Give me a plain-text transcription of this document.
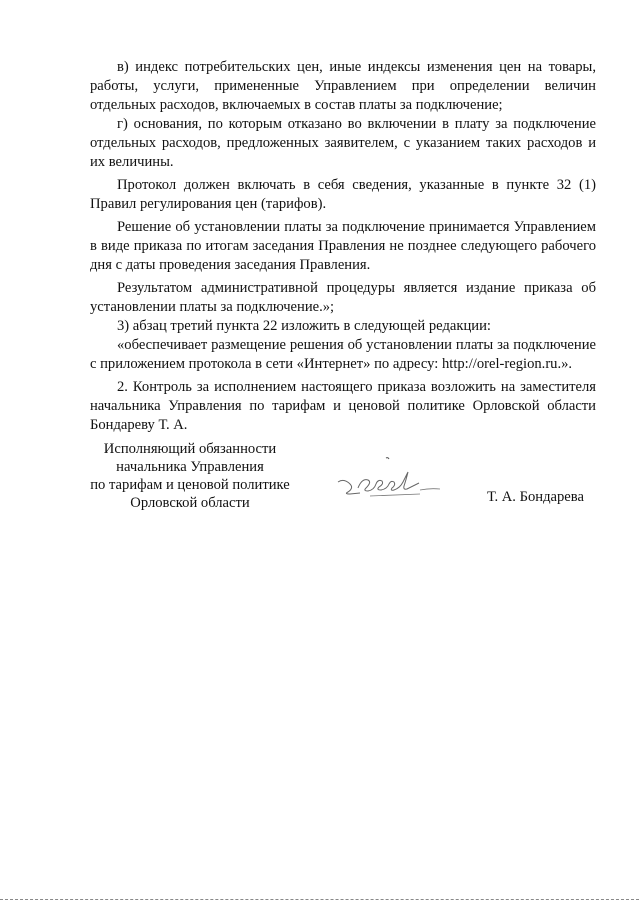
в) индекс потребительских цен, иные индексы изменения цен на товары, работы, услуги, примененные Управлением при определении величин отдельных расходов, включаемых в состав платы за подключение;

г) основания, по которым отказано во включении в плату за подключение отдельных расходов, предложенных заявителем, с указанием таких расходов и их величины.

Протокол должен включать в себя сведения, указанные в пункте 32 (1) Правил регулирования цен (тарифов).

Решение об установлении платы за подключение принимается Управлением в виде приказа по итогам заседания Правления не позднее следующего рабочего дня с даты проведения заседания Правления.

Результатом административной процедуры является издание приказа об установлении платы за подключение.»;

3) абзац третий пункта 22 изложить в следующей редакции:

«обеспечивает размещение решения об установлении платы за подключение с приложением протокола в сети «Интернет» по адресу: http://orel-region.ru.».

2. Контроль за исполнением настоящего приказа возложить на заместителя начальника Управления по тарифам и ценовой политике Орловской области Бондареву Т. А.

Исполняющий обязанности
начальника Управления
по тарифам и ценовой политике
Орловской области	Т. А. Бондарева
